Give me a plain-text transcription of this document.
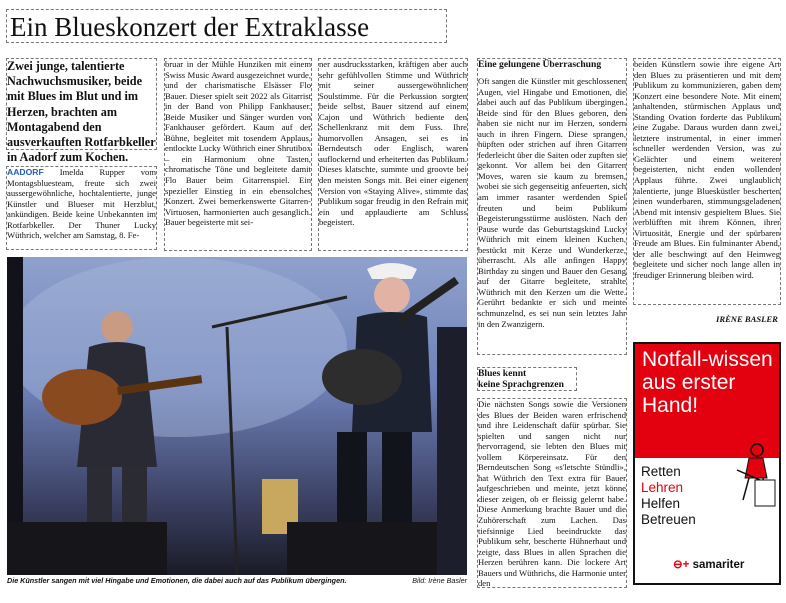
Ein Blueskonzert der Extraklasse
Zwei junge, talentierte Nachwuchsmusiker, beide mit Blues im Blut und im Herzen, brachten am Montagabend den ausverkauften Rotfarbkeller in Aadorf zum Kochen.
AADORF Imelda Rupper vom Montagsbluesteam, freute sich zwei aussergewöhnliche, hochtalentierte, junge Künstler und Blueser mit Herzblut, ankündigen. Beide keine Unbekannten im Rotfarbkeller. Der Thuner Lucky Wüthrich, welcher am Samstag, 8. Fe-
bruar in der Mühle Hunziken mit einem Swiss Music Award ausgezeichnet wurde, und der charismatische Elsässer Flo Bauer. Dieser spielt seit 2022 als Gitarrist in der Band von Philipp Fankhauser. Beide Musiker und Sänger wurden von Fankhauser gefördert. Kaum auf der Bühne, begleitet mit tosendem Applaus, entlockte Lucky Wüthrich einer Shrutibox – ein Harmonium ohne Tasten, chromatische Töne und begleitete damit Flo Bauer beim Gitarrenspiel. Ein spezieller Einstieg in ein ebensolches Konzert. Zwei bemerkenswerte Gitarren-Virtuosen, harmonierten auch gesanglich. Bauer begeisterte mit sei-
ner ausdrucksstarken, kräftigen aber auch sehr gefühlvollen Stimme und Wüthrich mit seiner aussergewöhnlichen Soulstimme. Für die Perkussion sorgten beide selbst, Bauer sitzend auf einem Cajon und Wüthrich bediente den Schellenkranz mit dem Fuss. Ihre humorvollen Ansagen, sei es in Berndeutsch oder Englisch, waren auflockernd und erheiterten das Publikum. Dieses klatschte, summte und groovte bei den meisten Songs mit. Bei einer eigenen Version von «Staying Alive», stimmte das Publikum sogar freudig in den Refrain mit ein und applaudierte am Schluss begeistert.
Die Künstler sangen mit viel Hingabe und Emotionen, die dabei auch auf das Publikum übergingen.	Bild: Irène Basler
Eine gelungene Überraschung
Oft sangen die Künstler mit geschlossenen Augen, viel Hingabe und Emotionen, die dabei auch auf das Publikum übergingen. Beide sind für den Blues geboren, den haben sie nicht nur im Herzen, sondern auch in ihren Fingern. Diese sprangen, hüpften oder strichen auf ihren Gitarren federleicht über die Saiten oder zupften sie gekonnt. Vor allem bei den Gitarren Moves, waren sie kaum zu bremsen, wobei sie sich gegenseitig anfeuerten, sich am immer rasanter werdenden Spiel freuten und beim Publikum Begeisterungsstürme auslösten. Nach der Pause wurde das Geburtstagskind Lucky Wüthrich mit einem kleinen Kuchen, bestückt mit Kerze und Wunderkerze, überrascht. Als alle anfingen Happy Birthday zu singen und Bauer den Gesang auf der Gitarre begleitete, strahlte Wüthrich mit den Kerzen um die Wette. Gerührt bedankte er sich und meinte schmunzelnd, es sei nun sein letztes Jahr in den Zwanzigern.
Blues kennt
keine Sprachgrenzen
Die nächsten Songs sowie die Versionen des Blues der Beiden waren erfrischend und ihre Leidenschaft dafür spürbar. Sie spielten und sangen nicht nur hervorragend, sie lebten den Blues mit vollem Körpereinsatz. Für den Berndeutschen Song «s'letschte Stündli», hat Wüthrich den Text extra für Bauer aufgeschrieben und meinte, jetzt könne dieser zeigen, ob er fleissig gelernt habe. Diese Anmerkung brachte Bauer und die Zuhörerschaft zum Lachen. Das tiefsinnige Lied beeindruckte das Publikum sehr, bescherte Hühnerhaut und zeigte, dass Blues in allen Sprachen die Herzen berühren kann. Die lockere Art Bauers und Wüthrichs, die Harmonie unter den
beiden Künstlern sowie ihre eigene Art den Blues zu präsentieren und mit dem Publikum zu kommunizieren, gaben dem Konzert eine besondere Note. Mit einem anhaltenden, stürmischen Applaus und Standing Ovation forderte das Publikum eine Zugabe. Daraus wurden dann zwei, letztere instrumental, in einer immer schneller werdenden Version, was zu Gelächter und einem weiteren begeisterten, nicht enden wollenden Applaus führte. Zwei unglaublich talentierte, junge Bluesküstler bescherten einen wunderbaren, stimmungsgeladenen Abend mit intensiv gespieltem Blues. Sie verblüfften mit ihrem Können, ihrer Virtuosität, Energie und der spürbaren Freude am Blues. Ein fulminanter Abend, der alle beschwingt auf den Heimweg begleitete und sicher noch lange allen in freudiger Erinnerung bleiben wird.
IRÈNE BASLER
Notfall-wissen aus erster Hand!
Retten
Lehren
Helfen
Betreuen
⊖+ samariter
